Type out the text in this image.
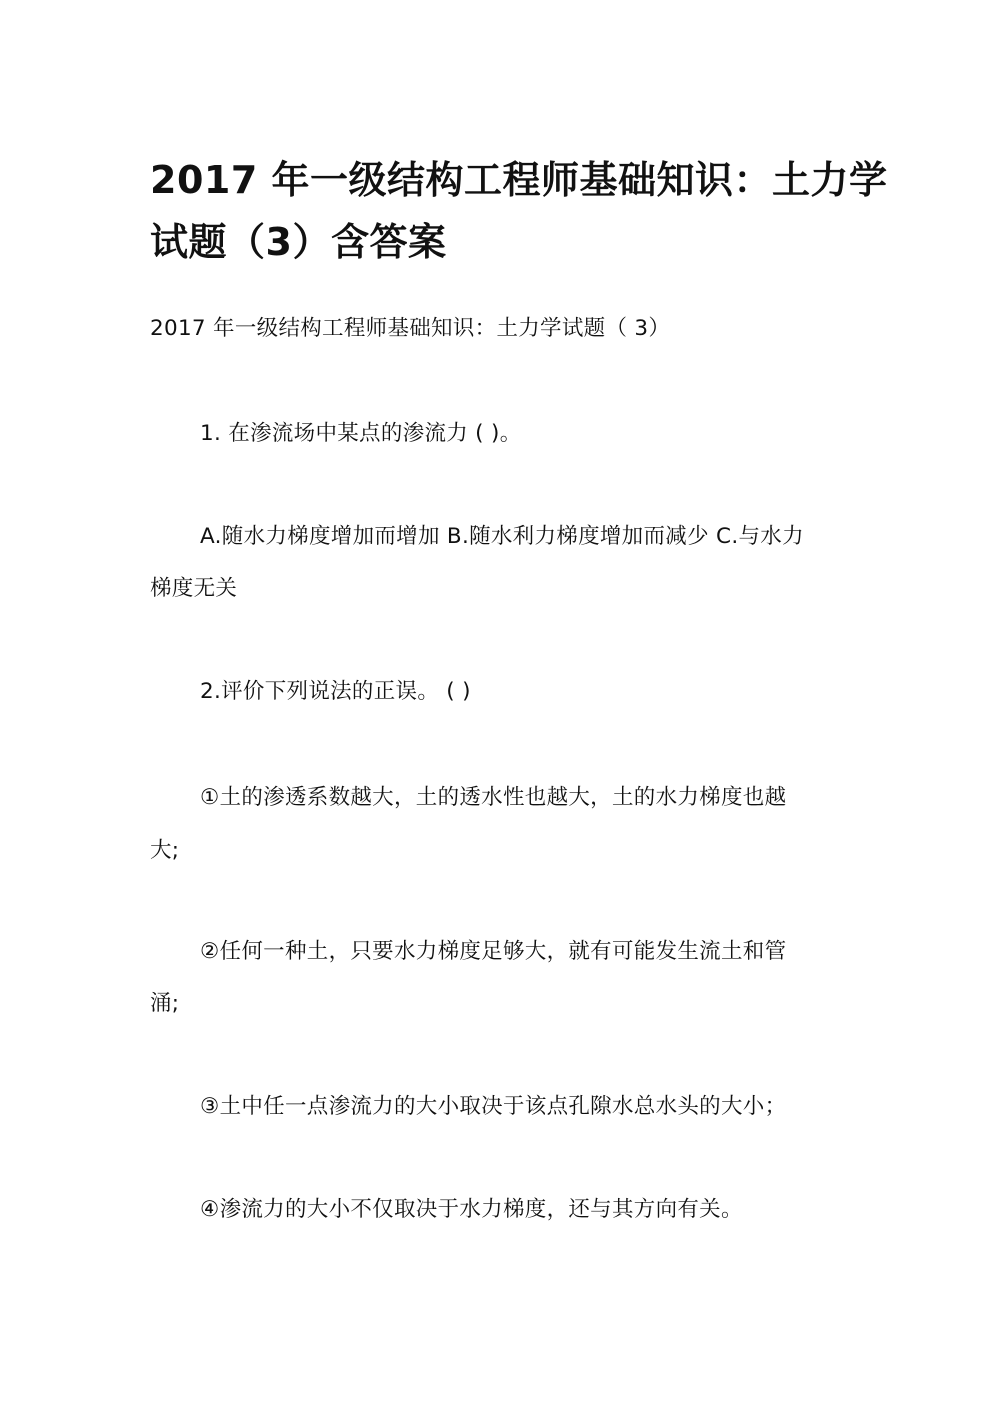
2017 年一级结构工程师基础知识：土力学
试题（3）含答案
2017 年一级结构工程师基础知识：土力学试题（ 3）
1. 在渗流场中某点的渗流力 ( )。
A.随水力梯度增加而增加 B.随水利力梯度增加而减少 C.与水力
梯度无关
2.评价下列说法的正误。 ( )
①土的渗透系数越大，土的透水性也越大，土的水力梯度也越
大;
②任何一种土，只要水力梯度足够大，就有可能发生流土和管
涌;
③土中任一点渗流力的大小取决于该点孔隙水总水头的大小；
④渗流力的大小不仅取决于水力梯度，还与其方向有关。
